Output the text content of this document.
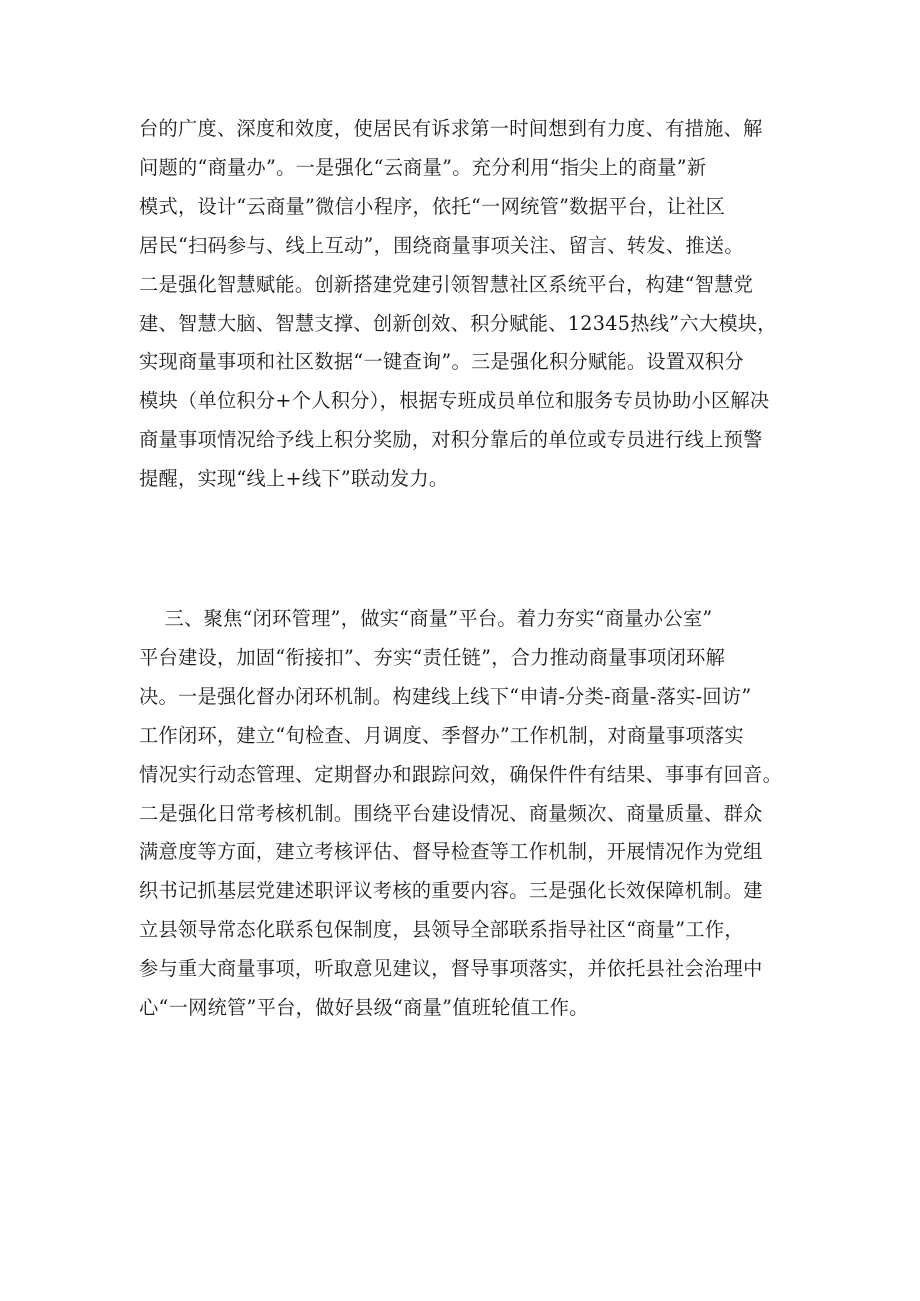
台的广度、深度和效度，使居民有诉求第一时间想到有力度、有措施、解
问题的“商量办”。一是强化“云商量”。充分利用“指尖上的商量”新
模式，设计“云商量”微信小程序，依托“一网统管”数据平台，让社区
居民“扫码参与、线上互动”，围绕商量事项关注、留言、转发、推送。
二是强化智慧赋能。创新搭建党建引领智慧社区系统平台，构建“智慧党
建、智慧大脑、智慧支撑、创新创效、积分赋能、12345热线”六大模块，
实现商量事项和社区数据“一键查询”。三是强化积分赋能。设置双积分
模块（单位积分+个人积分），根据专班成员单位和服务专员协助小区解决
商量事项情况给予线上积分奖励，对积分靠后的单位或专员进行线上预警
提醒，实现“线上+线下”联动发力。
三、聚焦“闭环管理”，做实“商量”平台。着力夯实“商量办公室”
平台建设，加固“衔接扣”、夯实“责任链”，合力推动商量事项闭环解
决。一是强化督办闭环机制。构建线上线下“申请-分类-商量-落实-回访”
工作闭环，建立“旬检查、月调度、季督办”工作机制，对商量事项落实
情况实行动态管理、定期督办和跟踪问效，确保件件有结果、事事有回音。
二是强化日常考核机制。围绕平台建设情况、商量频次、商量质量、群众
满意度等方面，建立考核评估、督导检查等工作机制，开展情况作为党组
织书记抓基层党建述职评议考核的重要内容。三是强化长效保障机制。建
立县领导常态化联系包保制度，县领导全部联系指导社区“商量”工作，
参与重大商量事项，听取意见建议，督导事项落实，并依托县社会治理中
心“一网统管”平台，做好县级“商量”值班轮值工作。
